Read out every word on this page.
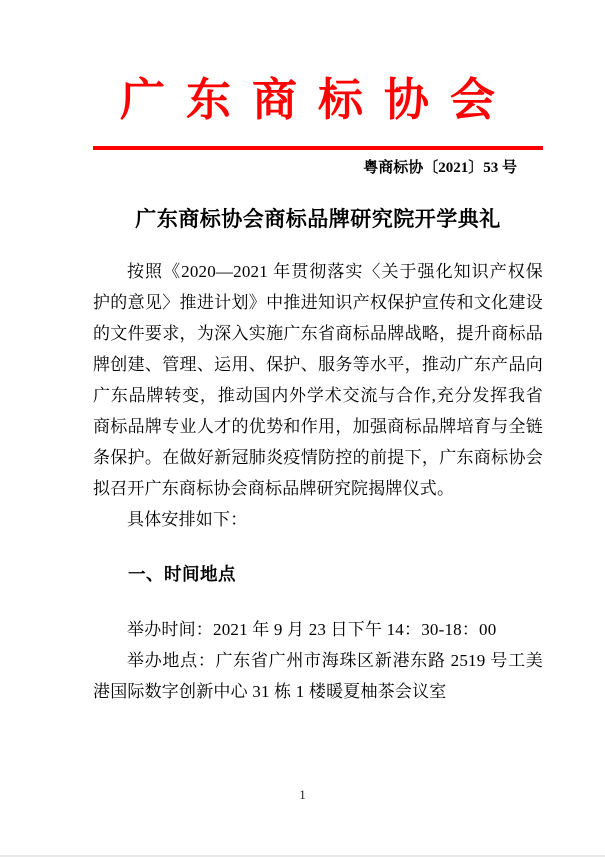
广东商标协会
粤商标协〔2021〕53 号
广东商标协会商标品牌研究院开学典礼

按照《2020—2021 年贯彻落实〈关于强化知识产权保护的意见〉推进计划》中推进知识产权保护宣传和文化建设的文件要求，为深入实施广东省商标品牌战略，提升商标品牌创建、管理、运用、保护、服务等水平，推动广东产品向广东品牌转变，推动国内外学术交流与合作,充分发挥我省商标品牌专业人才的优势和作用，加强商标品牌培育与全链条保护。在做好新冠肺炎疫情防控的前提下，广东商标协会拟召开广东商标协会商标品牌研究院揭牌仪式。

具体安排如下：

一、时间地点

举办时间：2021 年 9 月 23 日下午 14：30-18：00

举办地点：广东省广州市海珠区新港东路 2519 号工美港国际数字创新中心 31 栋 1 楼暖夏柚茶会议室

1
